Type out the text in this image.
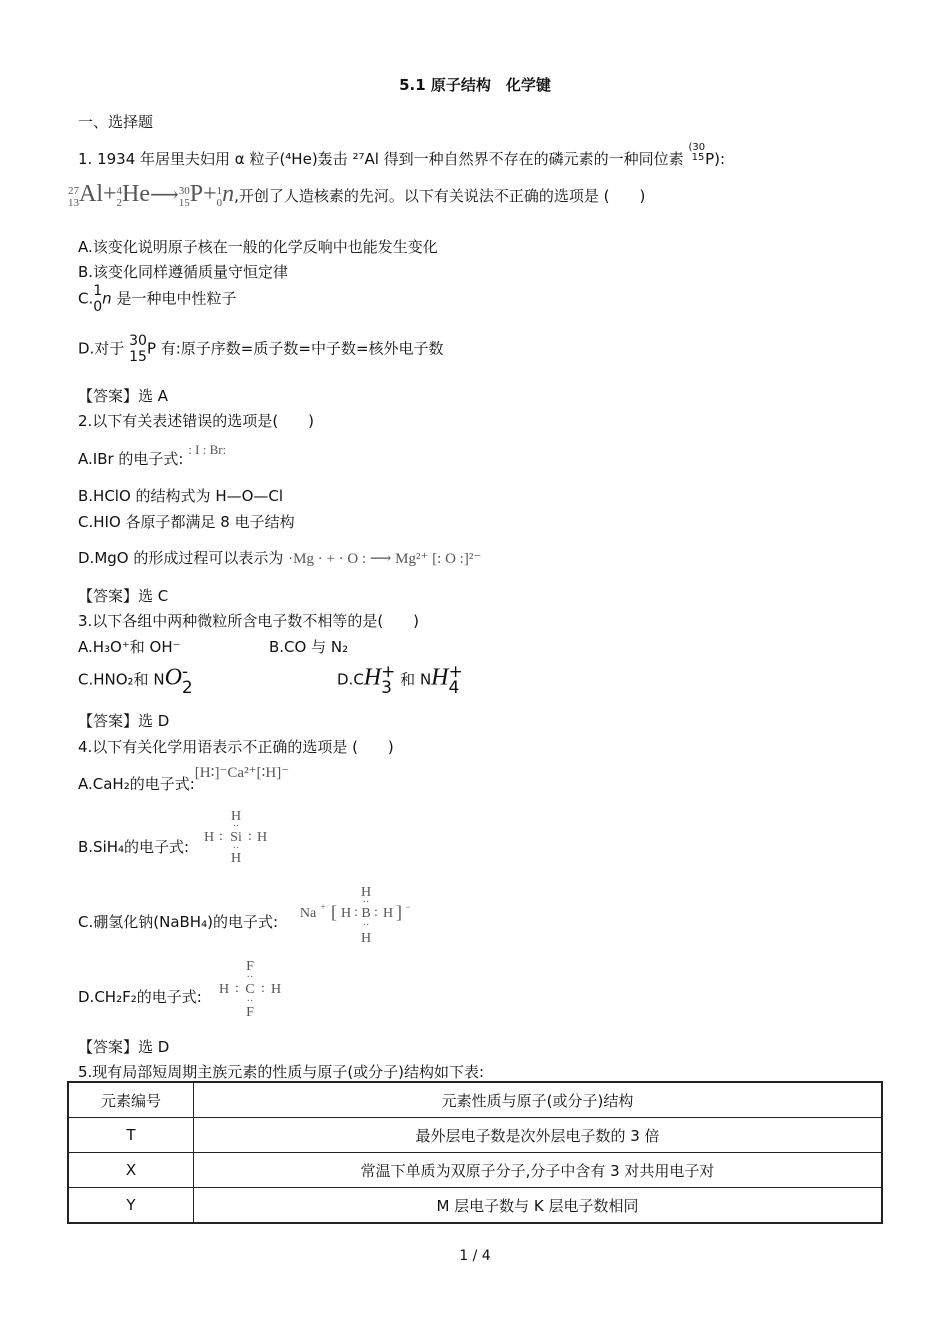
5.1 原子结构　化学键
一、选择题
1. 1934 年居里夫妇用 α 粒子(⁴He)轰击 ²⁷Al 得到一种自然界不存在的磷元素的一种同位素 (30
15P):
27
13Al+4
2He⟶30
15P+1
0n,开创了人造核素的先河。以下有关说法不正确的选项是 (　　)
A.该变化说明原子核在一般的化学反响中也能发生变化
B.该变化同样遵循质量守恒定律
C.1
0n 是一种电中性粒子
D.对于 30
15P 有:原子序数=质子数=中子数=核外电子数
【答案】选 A
2.以下有关表述错误的选项是(　　)
A.IBr 的电子式: : I : Br:
B.HClO 的结构式为 H—O—Cl
C.HIO 各原子都满足 8 电子结构
D.MgO 的形成过程可以表示为 ·Mg · + · O : ⟶ Mg²⁺ [: O :]²⁻
【答案】选 C
3.以下各组中两种微粒所含电子数不相等的是(　　)
A.H₃O⁺和 OH⁻	B.CO 与 N₂
C.HNO₂和 NO-
2	D.CH+
3 和 NH+
4
【答案】选 D
4.以下有关化学用语表示不正确的选项是 (　　)
A.CaH₂的电子式:[H∶]⁻Ca²⁺[∶H]⁻
B.SiH₄的电子式:
H
H Si H
H
: :
··
··
C.硼氢化钠(NaBH₄)的电子式: Na + [ H :
H
B
H
··
··
: H ] −
D.CH₂F₂的电子式:
F
H C H
F
: :
··
··
【答案】选 D
5.现有局部短周期主族元素的性质与原子(或分子)结构如下表:
元素编号	元素性质与原子(或分子)结构
T	最外层电子数是次外层电子数的 3 倍
X	常温下单质为双原子分子,分子中含有 3 对共用电子对
Y	M 层电子数与 K 层电子数相同
1 / 4
